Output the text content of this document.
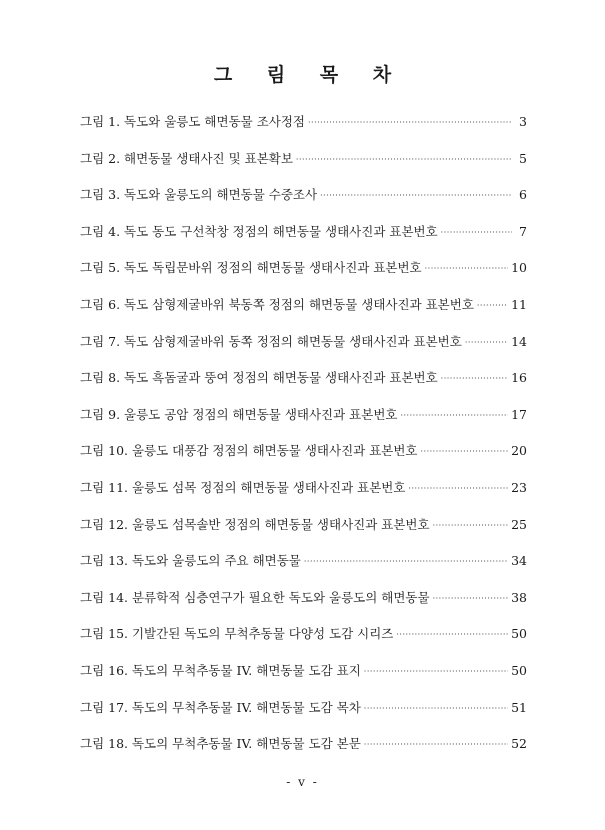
그 림 목 차
그림 1. 독도와 울릉도 해면동물 조사정점 ·····	3
그림 2. 해면동물 생태사진 및 표본확보 ·····	5
그림 3. 독도와 울릉도의 해면동물 수중조사 ·····	6
그림 4. 독도 동도 구선착창 정점의 해면동물 생태사진과 표본번호 ·····	7
그림 5. 독도 독립문바위 정점의 해면동물 생태사진과 표본번호 ·····	10
그림 6. 독도 삼형제굴바위 북동쪽 정점의 해면동물 생태사진과 표본번호 ·····	11
그림 7. 독도 삼형제굴바위 동쪽 정점의 해면동물 생태사진과 표본번호 ·····	14
그림 8. 독도 흑돔굴과 뚱여 정점의 해면동물 생태사진과 표본번호 ·····	16
그림 9. 울릉도 공암 정점의 해면동물 생태사진과 표본번호 ·····	17
그림 10. 울릉도 대풍감 정점의 해면동물 생태사진과 표본번호 ·····	20
그림 11. 울릉도 섬목 정점의 해면동물 생태사진과 표본번호 ·····	23
그림 12. 울릉도 섬목솔반 정점의 해면동물 생태사진과 표본번호 ·····	25
그림 13. 독도와 울릉도의 주요 해면동물 ·····	34
그림 14. 분류학적 심층연구가 필요한 독도와 울릉도의 해면동물 ·····	38
그림 15. 기발간된 독도의 무척추동물 다양성 도감 시리즈 ·····	50
그림 16. 독도의 무척추동물 IV. 해면동물 도감 표지 ·····	50
그림 17. 독도의 무척추동물 IV. 해면동물 도감 목차 ·····	51
그림 18. 독도의 무척추동물 IV. 해면동물 도감 본문 ·····	52
- v -
